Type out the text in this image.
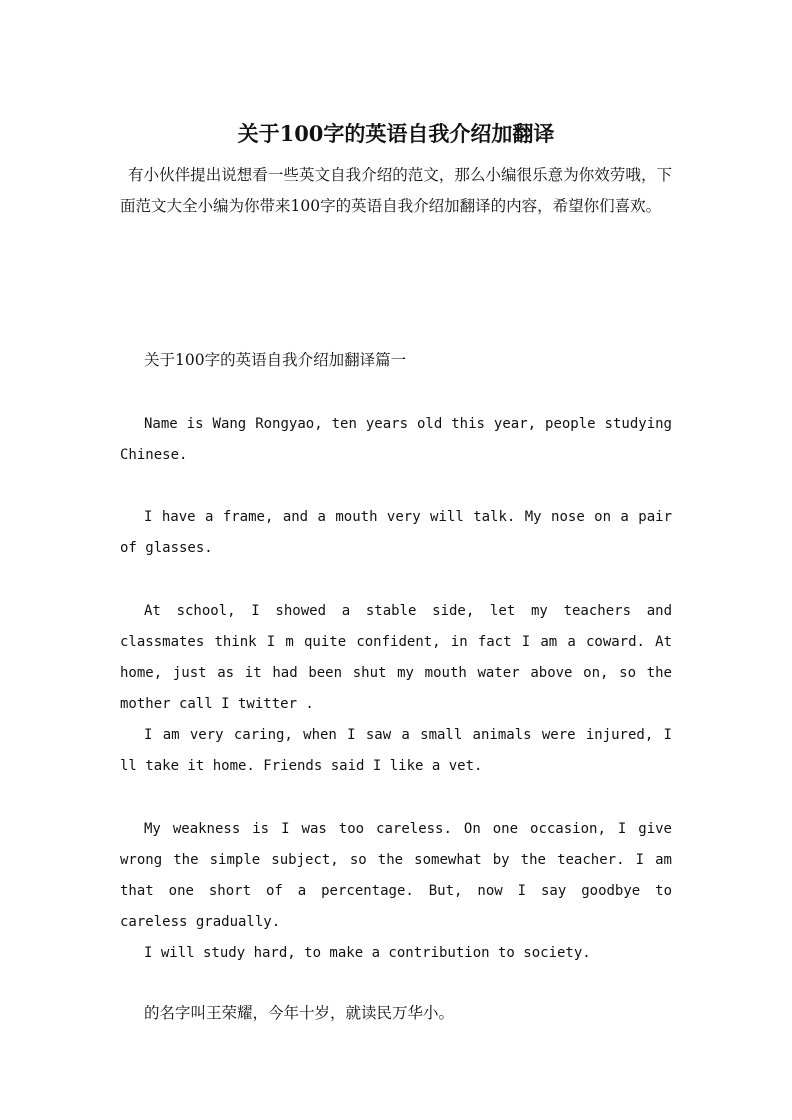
关于100字的英语自我介绍加翻译

有小伙伴提出说想看一些英文自我介绍的范文，那么小编很乐意为你效劳哦，下面范文大全小编为你带来100字的英语自我介绍加翻译的内容，希望你们喜欢。

关于100字的英语自我介绍加翻译篇一

Name is Wang Rongyao, ten years old this year, people studying Chinese.

I have a frame, and a mouth very will talk. My nose on a pair of glasses.

At school, I showed a stable side, let my teachers and classmates think I m quite confident, in fact I am a coward. At home, just as it had been shut my mouth water above on, so the mother call I twitter .

I am very caring, when I saw a small animals were injured, I ll take it home. Friends said I like a vet.

My weakness is I was too careless. On one occasion, I give wrong the simple subject, so the somewhat by the teacher. I am that one short of a percentage. But, now I say goodbye to careless gradually.

I will study hard, to make a contribution to society.

的名字叫王荣耀，今年十岁，就读民万华小。
